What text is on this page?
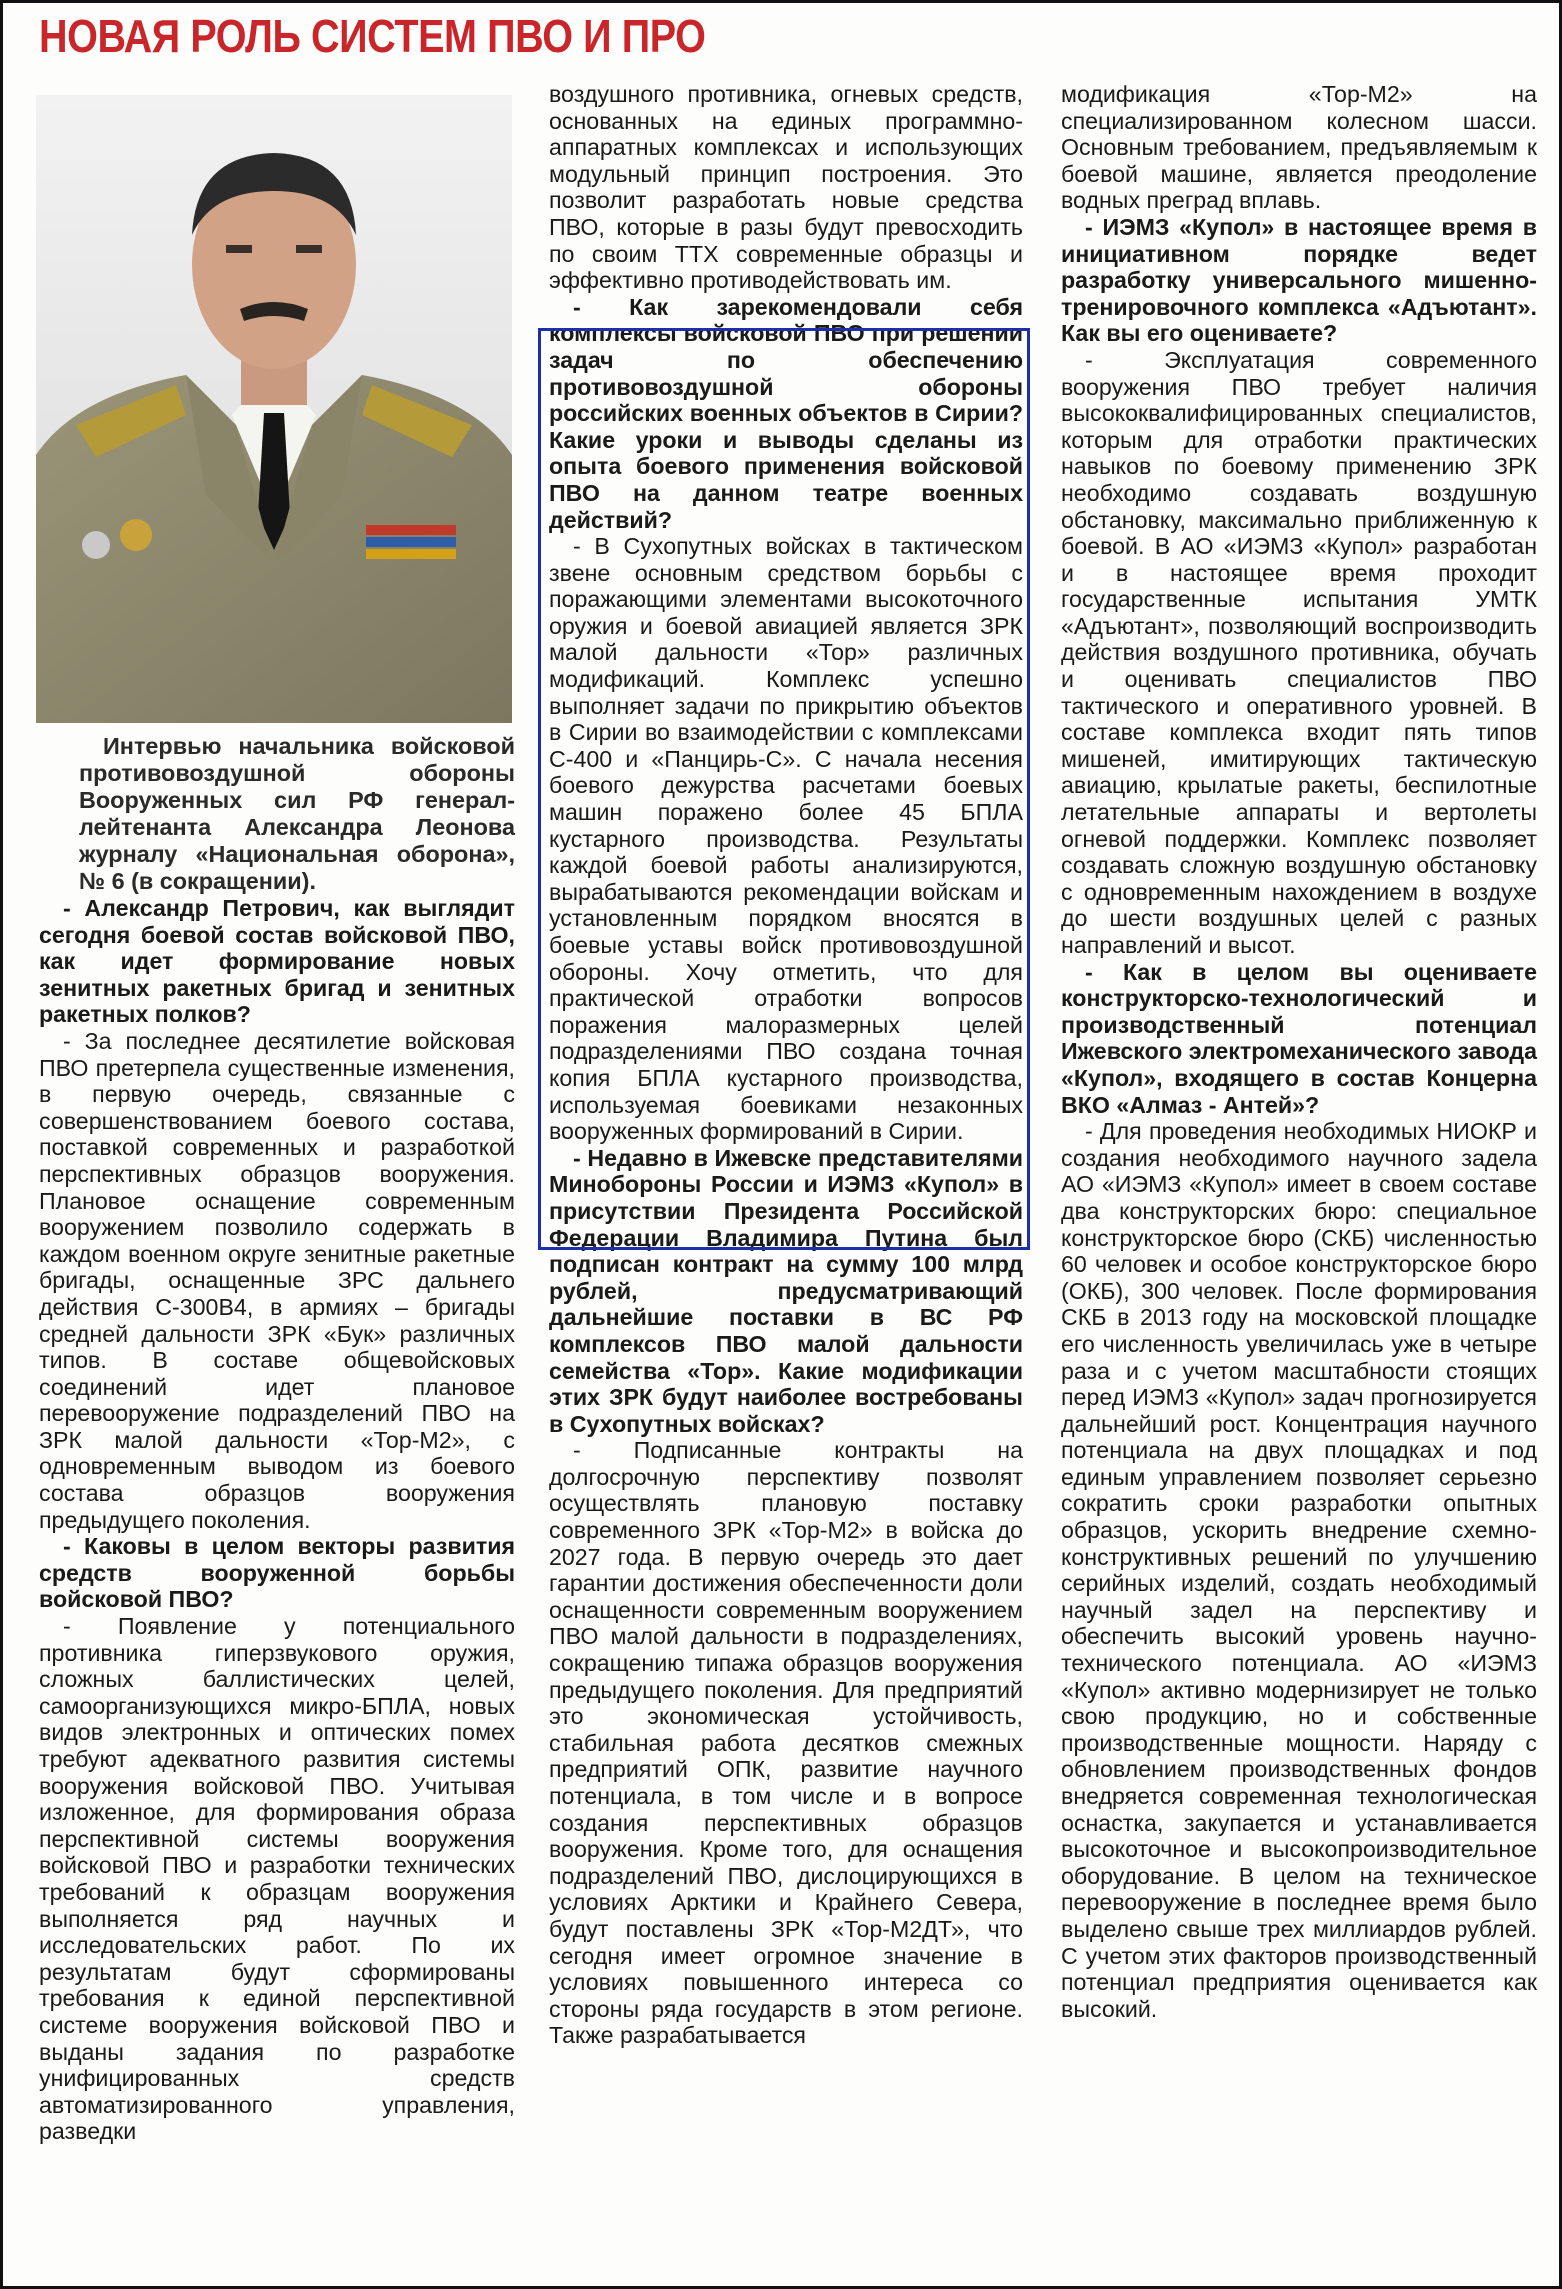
НОВАЯ РОЛЬ СИСТЕМ ПВО И ПРО

Интервью начальника войсковой противовоздушной обороны Вооруженных сил РФ генерал-лейтенанта Александра Леонова журналу «Национальная оборона», № 6 (в сокращении).

- Александр Петрович, как выглядит сегодня боевой состав войсковой ПВО, как идет формирование новых зенитных ракетных бригад и зенитных ракетных полков?

- За последнее десятилетие войсковая ПВО претерпела существенные изменения, в первую очередь, связанные с совершенствованием боевого состава, поставкой современных и разработкой перспективных образцов вооружения. Плановое оснащение современным вооружением позволило содержать в каждом военном округе зенитные ракетные бригады, оснащенные ЗРС дальнего действия С-300В4, в армиях – бригады средней дальности ЗРК «Бук» различных типов. В составе общевойсковых соединений идет плановое перевооружение подразделений ПВО на ЗРК малой дальности «Тор-М2», с одновременным выводом из боевого состава образцов вооружения предыдущего поколения.

- Каковы в целом векторы развития средств вооруженной борьбы войсковой ПВО?

- Появление у потенциального противника гиперзвукового оружия, сложных баллистических целей, самоорганизующихся микро-БПЛА, новых видов электронных и оптических помех требуют адекватного развития системы вооружения войсковой ПВО. Учитывая изложенное, для формирования образа перспективной системы вооружения войсковой ПВО и разработки технических требований к образцам вооружения выполняется ряд научных и исследовательских работ. По их результатам будут сформированы требования к единой перспективной системе вооружения войсковой ПВО и выданы задания по разработке унифицированных средств автоматизированного управления, разведки

воздушного противника, огневых средств, основанных на единых программно-аппаратных комплексах и использующих модульный принцип построения. Это позволит разработать новые средства ПВО, которые в разы будут превосходить по своим ТТХ современные образцы и эффективно противодействовать им.

- Как зарекомендовали себя комплексы войсковой ПВО при решении задач по обеспечению противовоздушной обороны российских военных объектов в Сирии? Какие уроки и выводы сделаны из опыта боевого применения войсковой ПВО на данном театре военных действий?

- В Сухопутных войсках в тактическом звене основным средством борьбы с поражающими элементами высокоточного оружия и боевой авиацией является ЗРК малой дальности «Тор» различных модификаций. Комплекс успешно выполняет задачи по прикрытию объектов в Сирии во взаимодействии с комплексами С-400 и «Панцирь-С». С начала несения боевого дежурства расчетами боевых машин поражено более 45 БПЛА кустарного производства. Результаты каждой боевой работы анализируются, вырабатываются рекомендации войскам и установленным порядком вносятся в боевые уставы войск противовоздушной обороны. Хочу отметить, что для практической отработки вопросов поражения малоразмерных целей подразделениями ПВО создана точная копия БПЛА кустарного производства, используемая боевиками незаконных вооруженных формирований в Сирии.

- Недавно в Ижевске представителями Минобороны России и ИЭМЗ «Купол» в присутствии Президента Российской Федерации Владимира Путина был подписан контракт на сумму 100 млрд рублей, предусматривающий дальнейшие поставки в ВС РФ комплексов ПВО малой дальности семейства «Тор». Какие модификации этих ЗРК будут наиболее востребованы в Сухопутных войсках?

- Подписанные контракты на долгосрочную перспективу позволят осуществлять плановую поставку современного ЗРК «Тор-М2» в войска до 2027 года. В первую очередь это дает гарантии достижения обеспеченности доли оснащенности современным вооружением ПВО малой дальности в подразделениях, сокращению типажа образцов вооружения предыдущего поколения. Для предприятий это экономическая устойчивость, стабильная работа десятков смежных предприятий ОПК, развитие научного потенциала, в том числе и в вопросе создания перспективных образцов вооружения. Кроме того, для оснащения подразделений ПВО, дислоцирующихся в условиях Арктики и Крайнего Севера, будут поставлены ЗРК «Тор-М2ДТ», что сегодня имеет огромное значение в условиях повышенного интереса со стороны ряда государств в этом регионе. Также разрабатывается

модификация «Тор-М2» на специализированном колесном шасси. Основным требованием, предъявляемым к боевой машине, является преодоление водных преград вплавь.

- ИЭМЗ «Купол» в настоящее время в инициативном порядке ведет разработку универсального мишенно-тренировочного комплекса «Адъютант». Как вы его оцениваете?

- Эксплуатация современного вооружения ПВО требует наличия высококвалифицированных специалистов, которым для отработки практических навыков по боевому применению ЗРК необходимо создавать воздушную обстановку, максимально приближенную к боевой. В АО «ИЭМЗ «Купол» разработан и в настоящее время проходит государственные испытания УМТК «Адъютант», позволяющий воспроизводить действия воздушного противника, обучать и оценивать специалистов ПВО тактического и оперативного уровней. В составе комплекса входит пять типов мишеней, имитирующих тактическую авиацию, крылатые ракеты, беспилотные летательные аппараты и вертолеты огневой поддержки. Комплекс позволяет создавать сложную воздушную обстановку с одновременным нахождением в воздухе до шести воздушных целей с разных направлений и высот.

- Как в целом вы оцениваете конструкторско-технологический и производственный потенциал Ижевского электромеханического завода «Купол», входящего в состав Концерна ВКО «Алмаз - Антей»?

- Для проведения необходимых НИОКР и создания необходимого научного задела АО «ИЭМЗ «Купол» имеет в своем составе два конструкторских бюро: специальное конструкторское бюро (СКБ) численностью 60 человек и особое конструкторское бюро (ОКБ), 300 человек. После формирования СКБ в 2013 году на московской площадке его численность увеличилась уже в четыре раза и с учетом масштабности стоящих перед ИЭМЗ «Купол» задач прогнозируется дальнейший рост. Концентрация научного потенциала на двух площадках и под единым управлением позволяет серьезно сократить сроки разработки опытных образцов, ускорить внедрение схемно-конструктивных решений по улучшению серийных изделий, создать необходимый научный задел на перспективу и обеспечить высокий уровень научно-технического потенциала. АО «ИЭМЗ «Купол» активно модернизирует не только свою продукцию, но и собственные производственные мощности. Наряду с обновлением производственных фондов внедряется современная технологическая оснастка, закупается и устанавливается высокоточное и высокопроизводительное оборудование. В целом на техническое перевооружение в последнее время было выделено свыше трех миллиардов рублей. С учетом этих факторов производственный потенциал предприятия оценивается как высокий.
